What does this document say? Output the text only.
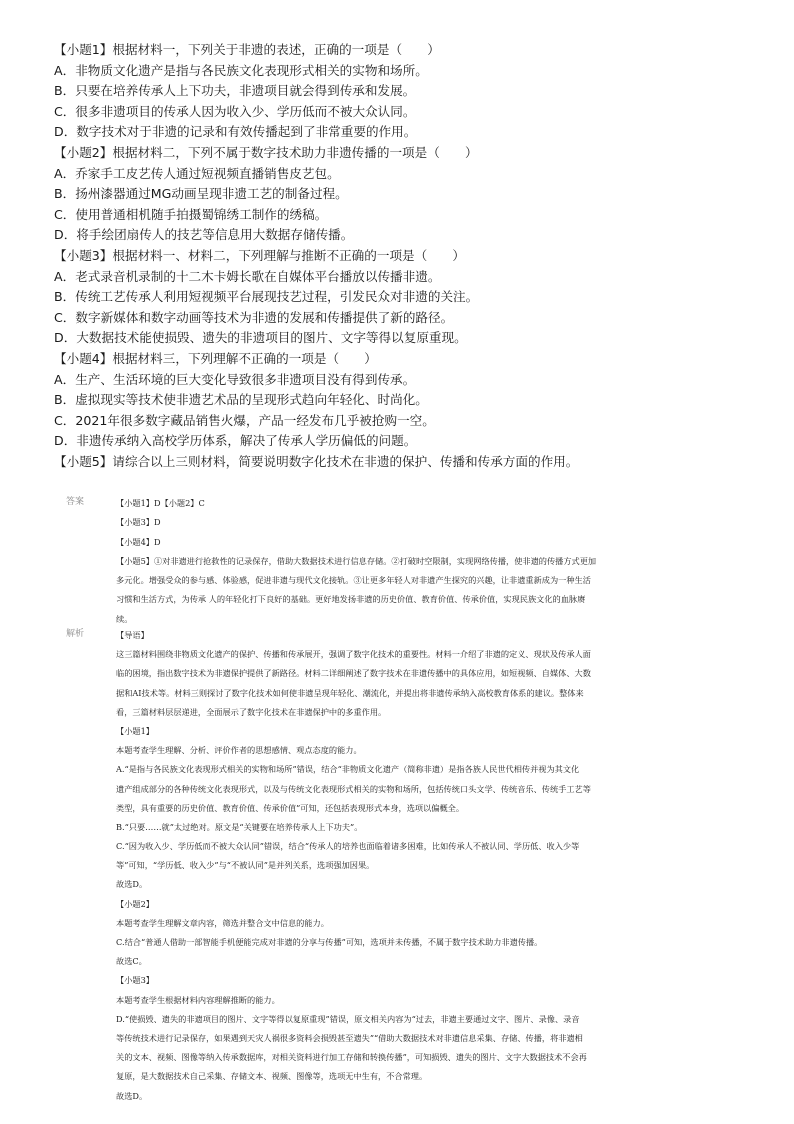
【小题1】根据材料一，下列关于非遗的表述，正确的一项是（　　）
A．非物质文化遗产是指与各民族文化表现形式相关的实物和场所。
B．只要在培养传承人上下功夫，非遗项目就会得到传承和发展。
C．很多非遗项目的传承人因为收入少、学历低而不被大众认同。
D．数字技术对于非遗的记录和有效传播起到了非常重要的作用。
【小题2】根据材料二，下列不属于数字技术助力非遗传播的一项是（　　）
A．乔家手工皮艺传人通过短视频直播销售皮艺包。
B．扬州漆器通过MG动画呈现非遗工艺的制备过程。
C．使用普通相机随手拍摄蜀锦绣工制作的绣稿。
D．将手绘团扇传人的技艺等信息用大数据存储传播。
【小题3】根据材料一、材料二，下列理解与推断不正确的一项是（　　）
A．老式录音机录制的十二木卡姆长歌在自媒体平台播放以传播非遗。
B．传统工艺传承人利用短视频平台展现技艺过程，引发民众对非遗的关注。
C．数字新媒体和数字动画等技术为非遗的发展和传播提供了新的路径。
D．大数据技术能使损毁、遗失的非遗项目的图片、文字等得以复原重现。
【小题4】根据材料三，下列理解不正确的一项是（　　）
A．生产、生活环境的巨大变化导致很多非遗项目没有得到传承。
B．虚拟现实等技术使非遗艺术品的呈现形式趋向年轻化、时尚化。
C．2021年很多数字藏品销售火爆，产品一经发布几乎被抢购一空。
D．非遗传承纳入高校学历体系，解决了传承人学历偏低的问题。
【小题5】请综合以上三则材料，简要说明数字化技术在非遗的保护、传播和传承方面的作用。
答案	【小题1】D【小题2】C
【小题3】D
【小题4】D
【小题5】①对非遗进行抢救性的记录保存，借助大数据技术进行信息存储。②打破时空限制，实现网络传播，使非遗的传播方式更加
多元化。增强受众的参与感、体验感，促进非遗与现代文化接轨。③让更多年轻人对非遗产生探究的兴趣，让非遗重新成为一种生活
习惯和生活方式，为传承 人的年轻化打下良好的基础。更好地发扬非遗的历史价值、教育价值、传承价值，实现民族文化的血脉赓
续。
解析	【导语】
这三篇材料围绕非物质文化遗产的保护、传播和传承展开，强调了数字化技术的重要性。材料一介绍了非遗的定义、现状及传承人面
临的困境，指出数字技术为非遗保护提供了新路径。材料二详细阐述了数字技术在非遗传播中的具体应用，如短视频、自媒体、大数
据和AI技术等。材料三则探讨了数字化技术如何使非遗呈现年轻化、潮流化，并提出将非遗传承纳入高校教育体系的建议。整体来
看，三篇材料层层递进，全面展示了数字化技术在非遗保护中的多重作用。
【小题1】
本题考查学生理解、分析、评价作者的思想感情、观点态度的能力。
A.“是指与各民族文化表现形式相关的实物和场所”错误，结合“非物质文化遗产（简称非遗）是指各族人民世代相传并视为其文化
遗产组成部分的各种传统文化表现形式，以及与传统文化表现形式相关的实物和场所，包括传统口头文学、传统音乐、传统手工艺等
类型，具有重要的历史价值、教育价值、传承价值”可知，还包括表现形式本身，选项以偏概全。
B.“只要……就”太过绝对。原文是“关键要在培养传承人上下功夫”。
C.“因为收入少、学历低而不被大众认同”错误，结合“传承人的培养也面临着诸多困难，比如传承人不被认同、学历低、收入少等
等”可知，“学历低、收入少”与“不被认同”是并列关系，选项强加因果。
故选D。
【小题2】
本题考查学生理解文章内容，筛选并整合文中信息的能力。
C.结合“普通人借助一部智能手机便能完成对非遗的分享与传播”可知，选项并未传播，不属于数字技术助力非遗传播。
故选C。
【小题3】
本题考查学生根据材料内容理解推断的能力。
D.“使损毁、遗失的非遗项目的图片、文字等得以复原重现”错误，原文相关内容为“过去，非遗主要通过文字、图片、录像、录音
等传统技术进行记录保存，如果遇到天灾人祸很多资料会损毁甚至遗失”“借助大数据技术对非遗信息采集、存储、传播，将非遗相
关的文本、视频、图像等纳入传承数据库，对相关资料进行加工存储和转换传播”，可知损毁、遗失的图片、文字大数据技术不会再
复原，是大数据技术自己采集、存储文本、视频、图像等，选项无中生有，不合常理。
故选D。
